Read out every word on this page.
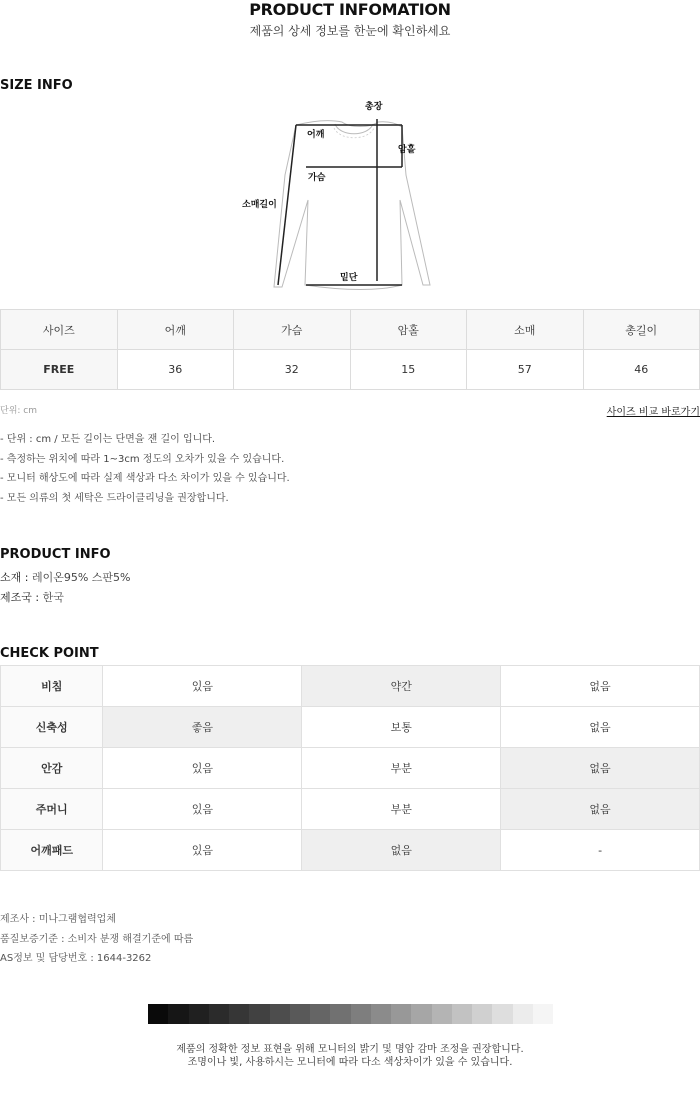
PRODUCT INFOMATION
제품의 상세 정보를 한눈에 확인하세요
SIZE INFO
총장
어깨
암홀
가슴
소매길이
밑단
사이즈	어깨	가슴	암홀	소매	총길이
FREE	36	32	15	57	46
단위: cm	사이즈 비교 바로가기
- 단위 : cm / 모든 길이는 단면을 잰 길이 입니다.
- 측정하는 위치에 따라 1~3cm 정도의 오차가 있을 수 있습니다.
- 모니터 해상도에 따라 실제 색상과 다소 차이가 있을 수 있습니다.
- 모든 의류의 첫 세탁은 드라이클리닝을 권장합니다.
PRODUCT INFO
소재 : 레이온95% 스판5%
제조국 : 한국
CHECK POINT
비침	있음	약간	없음
신축성	좋음	보통	없음
안감	있음	부분	없음
주머니	있음	부분	없음
어깨패드	있음	없음	-
제조사 : 미나그램협력업체
품질보증기준 : 소비자 분쟁 해결기준에 따름
AS정보 및 담당번호 : 1644-3262
제품의 정확한 정보 표현을 위해 모니터의 밝기 및 명암 감마 조정을 권장합니다.
조명이나 빛, 사용하시는 모니터에 따라 다소 색상차이가 있을 수 있습니다.
